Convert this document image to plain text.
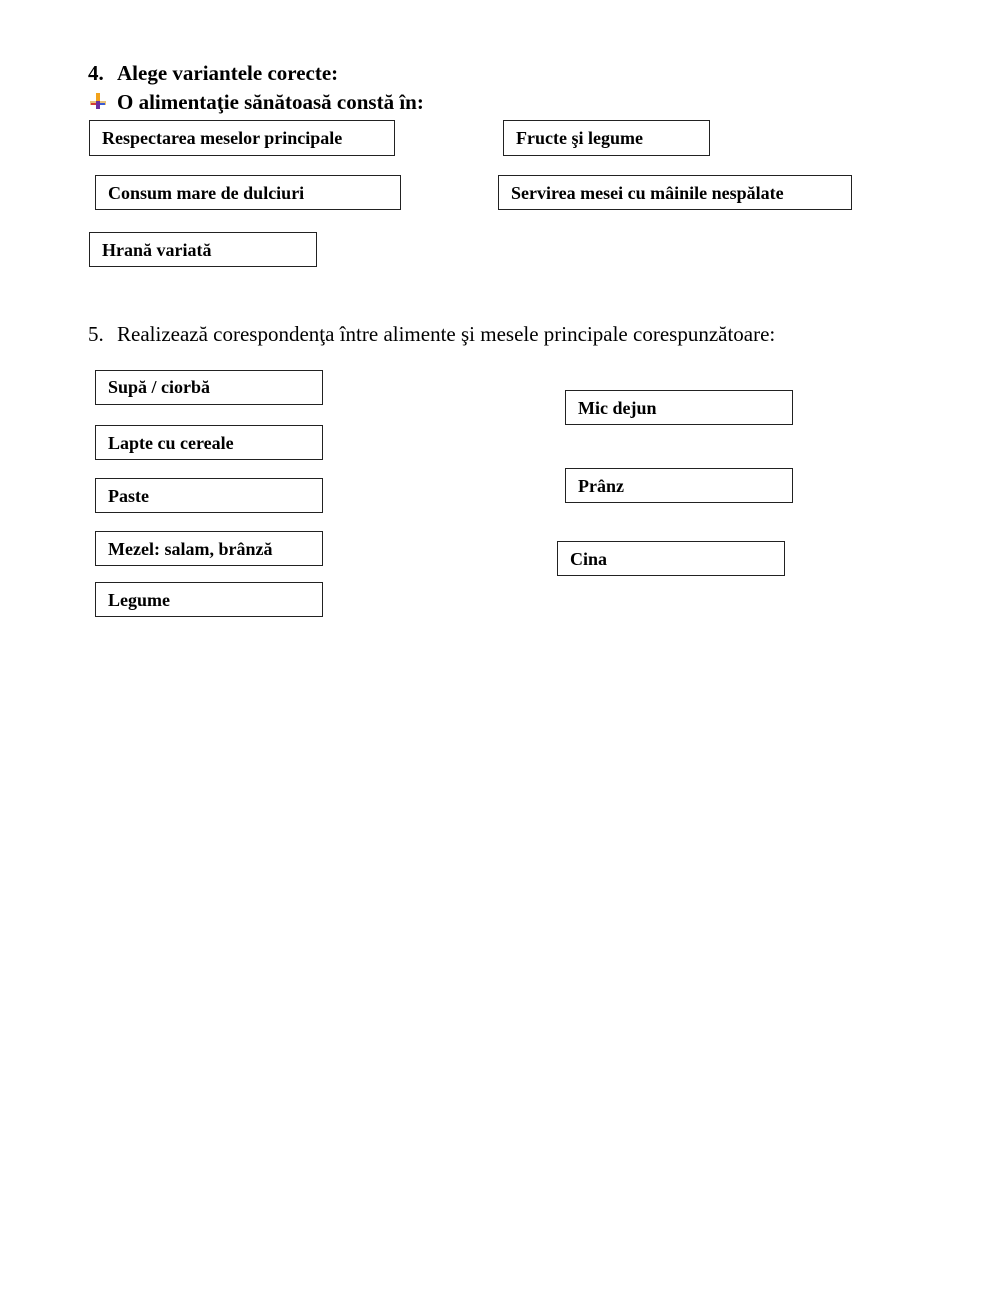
4. Alege variantele corecte:
O alimentaţie sănătoasă constă în:
Respectarea meselor principale	Fructe şi legume
Consum mare de dulciuri	Servirea mesei cu mâinile nespălate
Hrană variată
5. Realizează corespondenţa între alimente şi mesele principale corespunzătoare:
Supă / ciorbă
Lapte cu cereale
Paste
Mezel: salam, brânză
Legume
Mic dejun
Prânz
Cina
